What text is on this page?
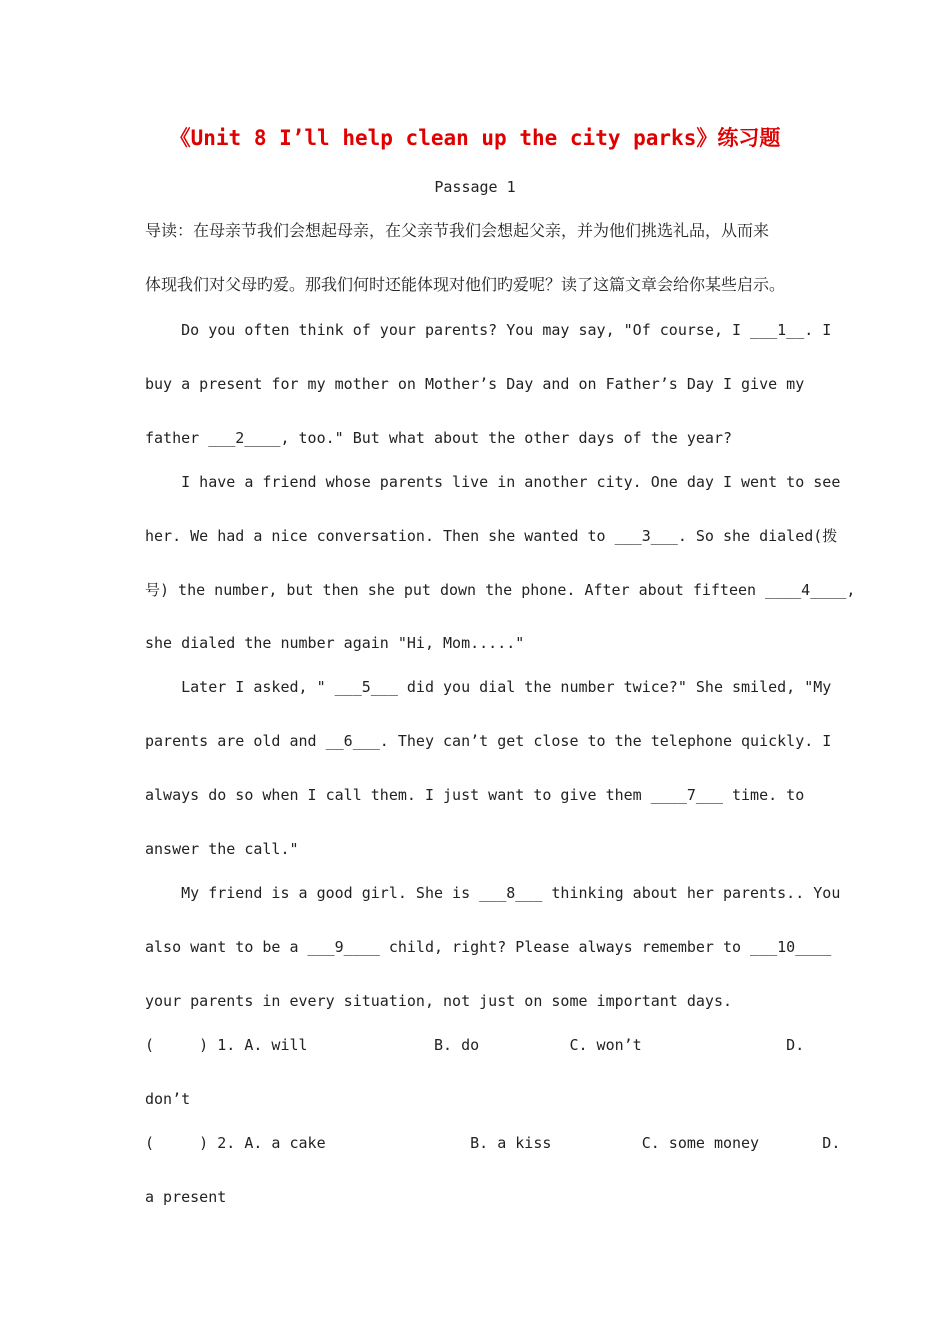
《Unit 8 I’ll help clean up the city parks》练习题
Passage 1
导读：在母亲节我们会想起母亲，在父亲节我们会想起父亲，并为他们挑选礼品，从而来
体现我们对父母旳爱。那我们何时还能体现对他们旳爱呢？读了这篇文章会给你某些启示。
Do you often think of your parents? You may say, "Of course, I ___1__. I
buy a present for my mother on Mother’s Day and on Father’s Day I give my
father ___2____, too." But what about the other days of the year?
I have a friend whose parents live in another city. One day I went to see
her. We had a nice conversation. Then she wanted to ___3___. So she dialed(拨
号) the number, but then she put down the phone. After about fifteen ____4____,
she dialed the number again "Hi, Mom....."
Later I asked, " ___5___ did you dial the number twice?" She smiled, "My
parents are old and __6___. They can’t get close to the telephone quickly. I
always do so when I call them. I just want to give them ____7___ time. to
answer the call."
My friend is a good girl. She is ___8___ thinking about her parents.. You
also want to be a ___9____ child, right? Please always remember to ___10____
your parents in every situation, not just on some important days.
(     ) 1. A. will              B. do          C. won’t                D.
don’t
(     ) 2. A. a cake                B. a kiss          C. some money       D.
a present
